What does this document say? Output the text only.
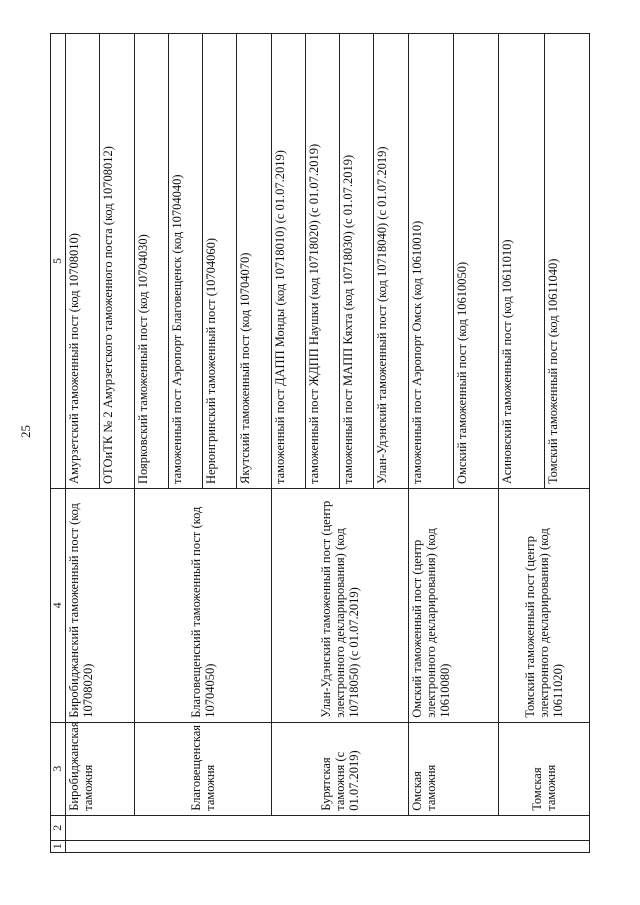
25
1	2	3	4	5
		Биробиджанская таможня	Биробиджанский таможенный пост (код 10708020)	Амурзетский таможенный пост (код 10708010)
				ОТОиТК № 2 Амурзетского таможенного поста (код 10708012)
		Благовещенская таможня	Благовещенский таможенный пост (код 10704050)	Поярковский таможенный пост (код 10704030)
				таможенный пост Аэропорт Благовещенск (код 10704040)
				Нерюнгринский таможенный пост (10704060)
				Якутский таможенный пост (код 10704070)
		Бурятская таможня (с 01.07.2019)	Улан-Удэнский таможенный пост (центр электронного декларирования) (код 10718050) (с 01.07.2019)	таможенный пост ДАПП Монды (код 10718010) (с 01.07.2019)
				таможенный пост ЖДПП Наушки (код 10718020) (с 01.07.2019)
				таможенный пост МАПП Кяхта (код 10718030) (с 01.07.2019)
				Улан-Удэнский таможенный пост (код 10718040) (с 01.07.2019)
		Омская таможня	Омский таможенный пост (центр электронного декларирования) (код 10610080)	таможенный пост Аэропорт Омск (код 10610010)
				Омский таможенный пост (код 10610050)
		Томская таможня	Томский таможенный пост (центр электронного декларирования) (код 10611020)	Асиновский таможенный пост (код 10611010)
				Томский таможенный пост (код 10611040)
